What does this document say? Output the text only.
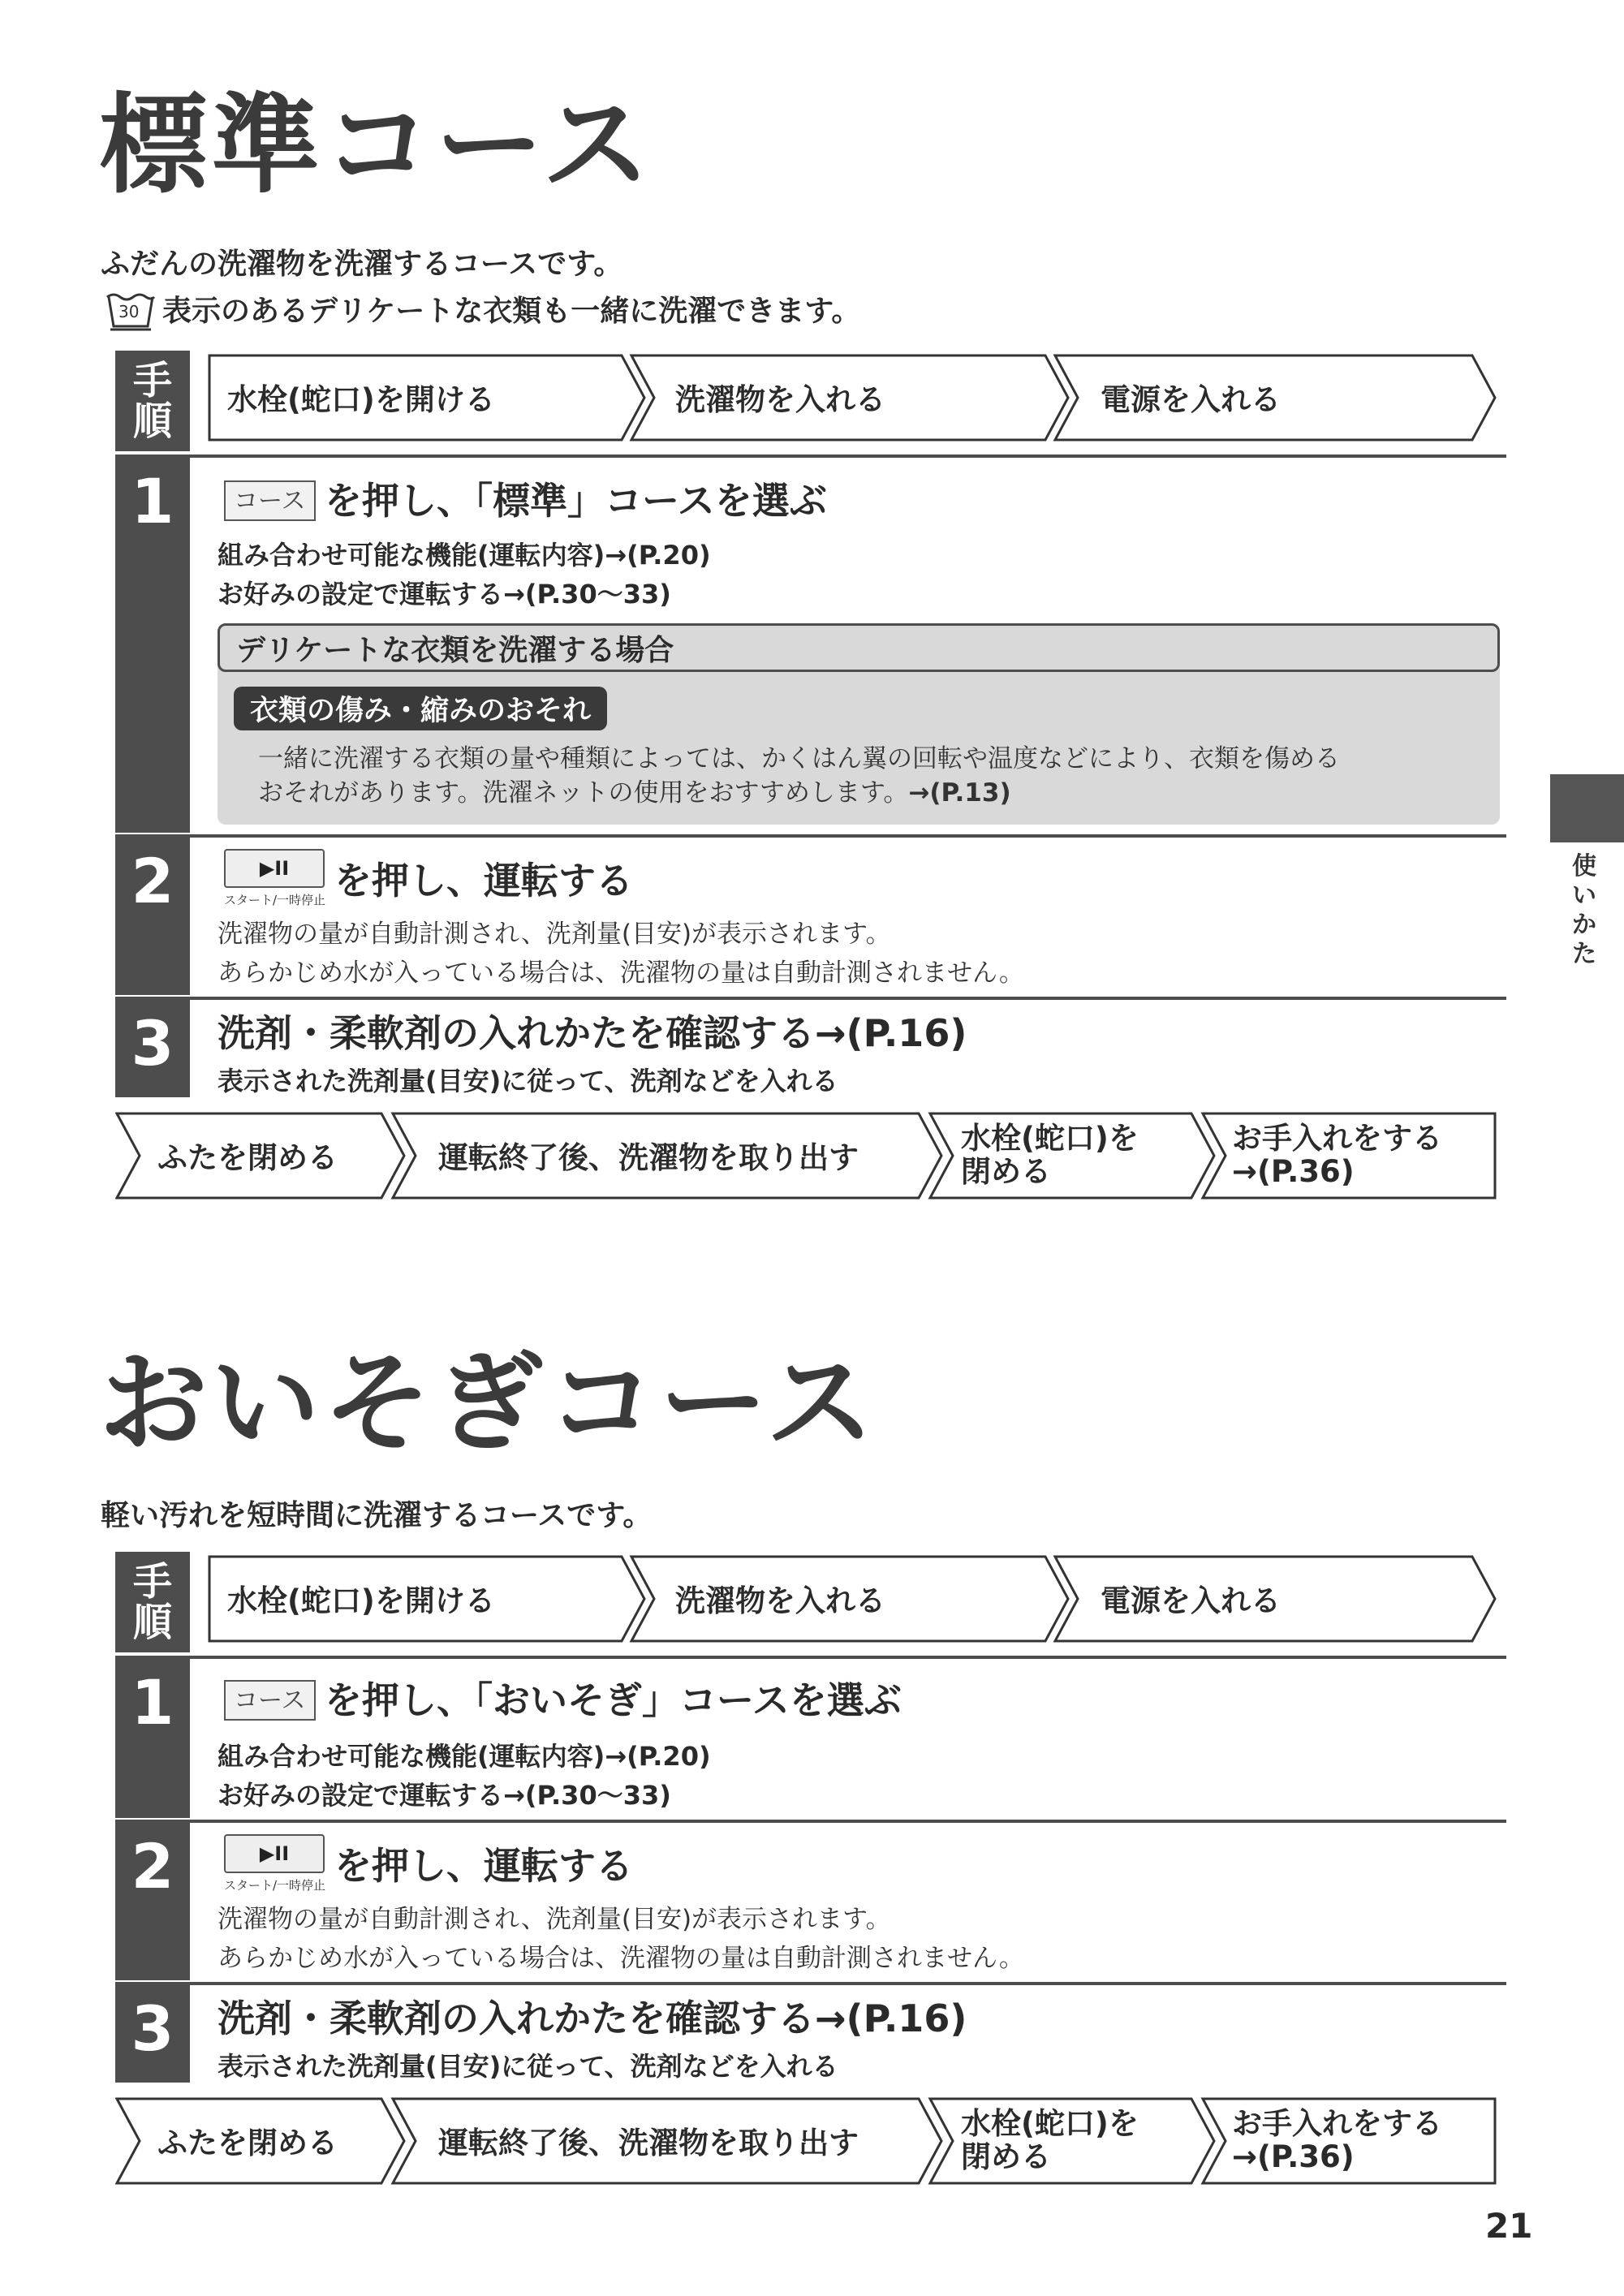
標準コース
ふだんの洗濯物を洗濯するコースです。
30 表示のあるデリケートな衣類も一緒に洗濯できます。
手
順 水栓(蛇口)を開ける	洗濯物を入れる	電源を入れる
1	コース を押し、「標準」コースを選ぶ
組み合わせ可能な機能(運転内容)→(P.20)
お好みの設定で運転する→(P.30～33)
デリケートな衣類を洗濯する場合
衣類の傷み・縮みのおそれ
一緒に洗濯する衣類の量や種類によっては、かくはん翼の回転や温度などにより、衣類を傷める
おそれがあります。洗濯ネットの使用をおすすめします。→(P.13)
2	▶II
スタート/一時停止 を押し、運転する
洗濯物の量が自動計測され、洗剤量(目安)が表示されます。
あらかじめ水が入っている場合は、洗濯物の量は自動計測されません。
3	洗剤・柔軟剤の入れかたを確認する→(P.16)
表示された洗剤量(目安)に従って、洗剤などを入れる
ふたを閉める	運転終了後、洗濯物を取り出す
水栓(蛇口)を
閉める
お手入れをする
→(P.36)
使
い
か
た
おいそぎコース
軽い汚れを短時間に洗濯するコースです。
手
順 水栓(蛇口)を開ける	洗濯物を入れる	電源を入れる
1	コース を押し、「おいそぎ」コースを選ぶ
組み合わせ可能な機能(運転内容)→(P.20)
お好みの設定で運転する→(P.30～33)
2	▶II
スタート/一時停止 を押し、運転する
洗濯物の量が自動計測され、洗剤量(目安)が表示されます。
あらかじめ水が入っている場合は、洗濯物の量は自動計測されません。
3	洗剤・柔軟剤の入れかたを確認する→(P.16)
表示された洗剤量(目安)に従って、洗剤などを入れる
ふたを閉める	運転終了後、洗濯物を取り出す
水栓(蛇口)を
閉める
お手入れをする
→(P.36)
21
